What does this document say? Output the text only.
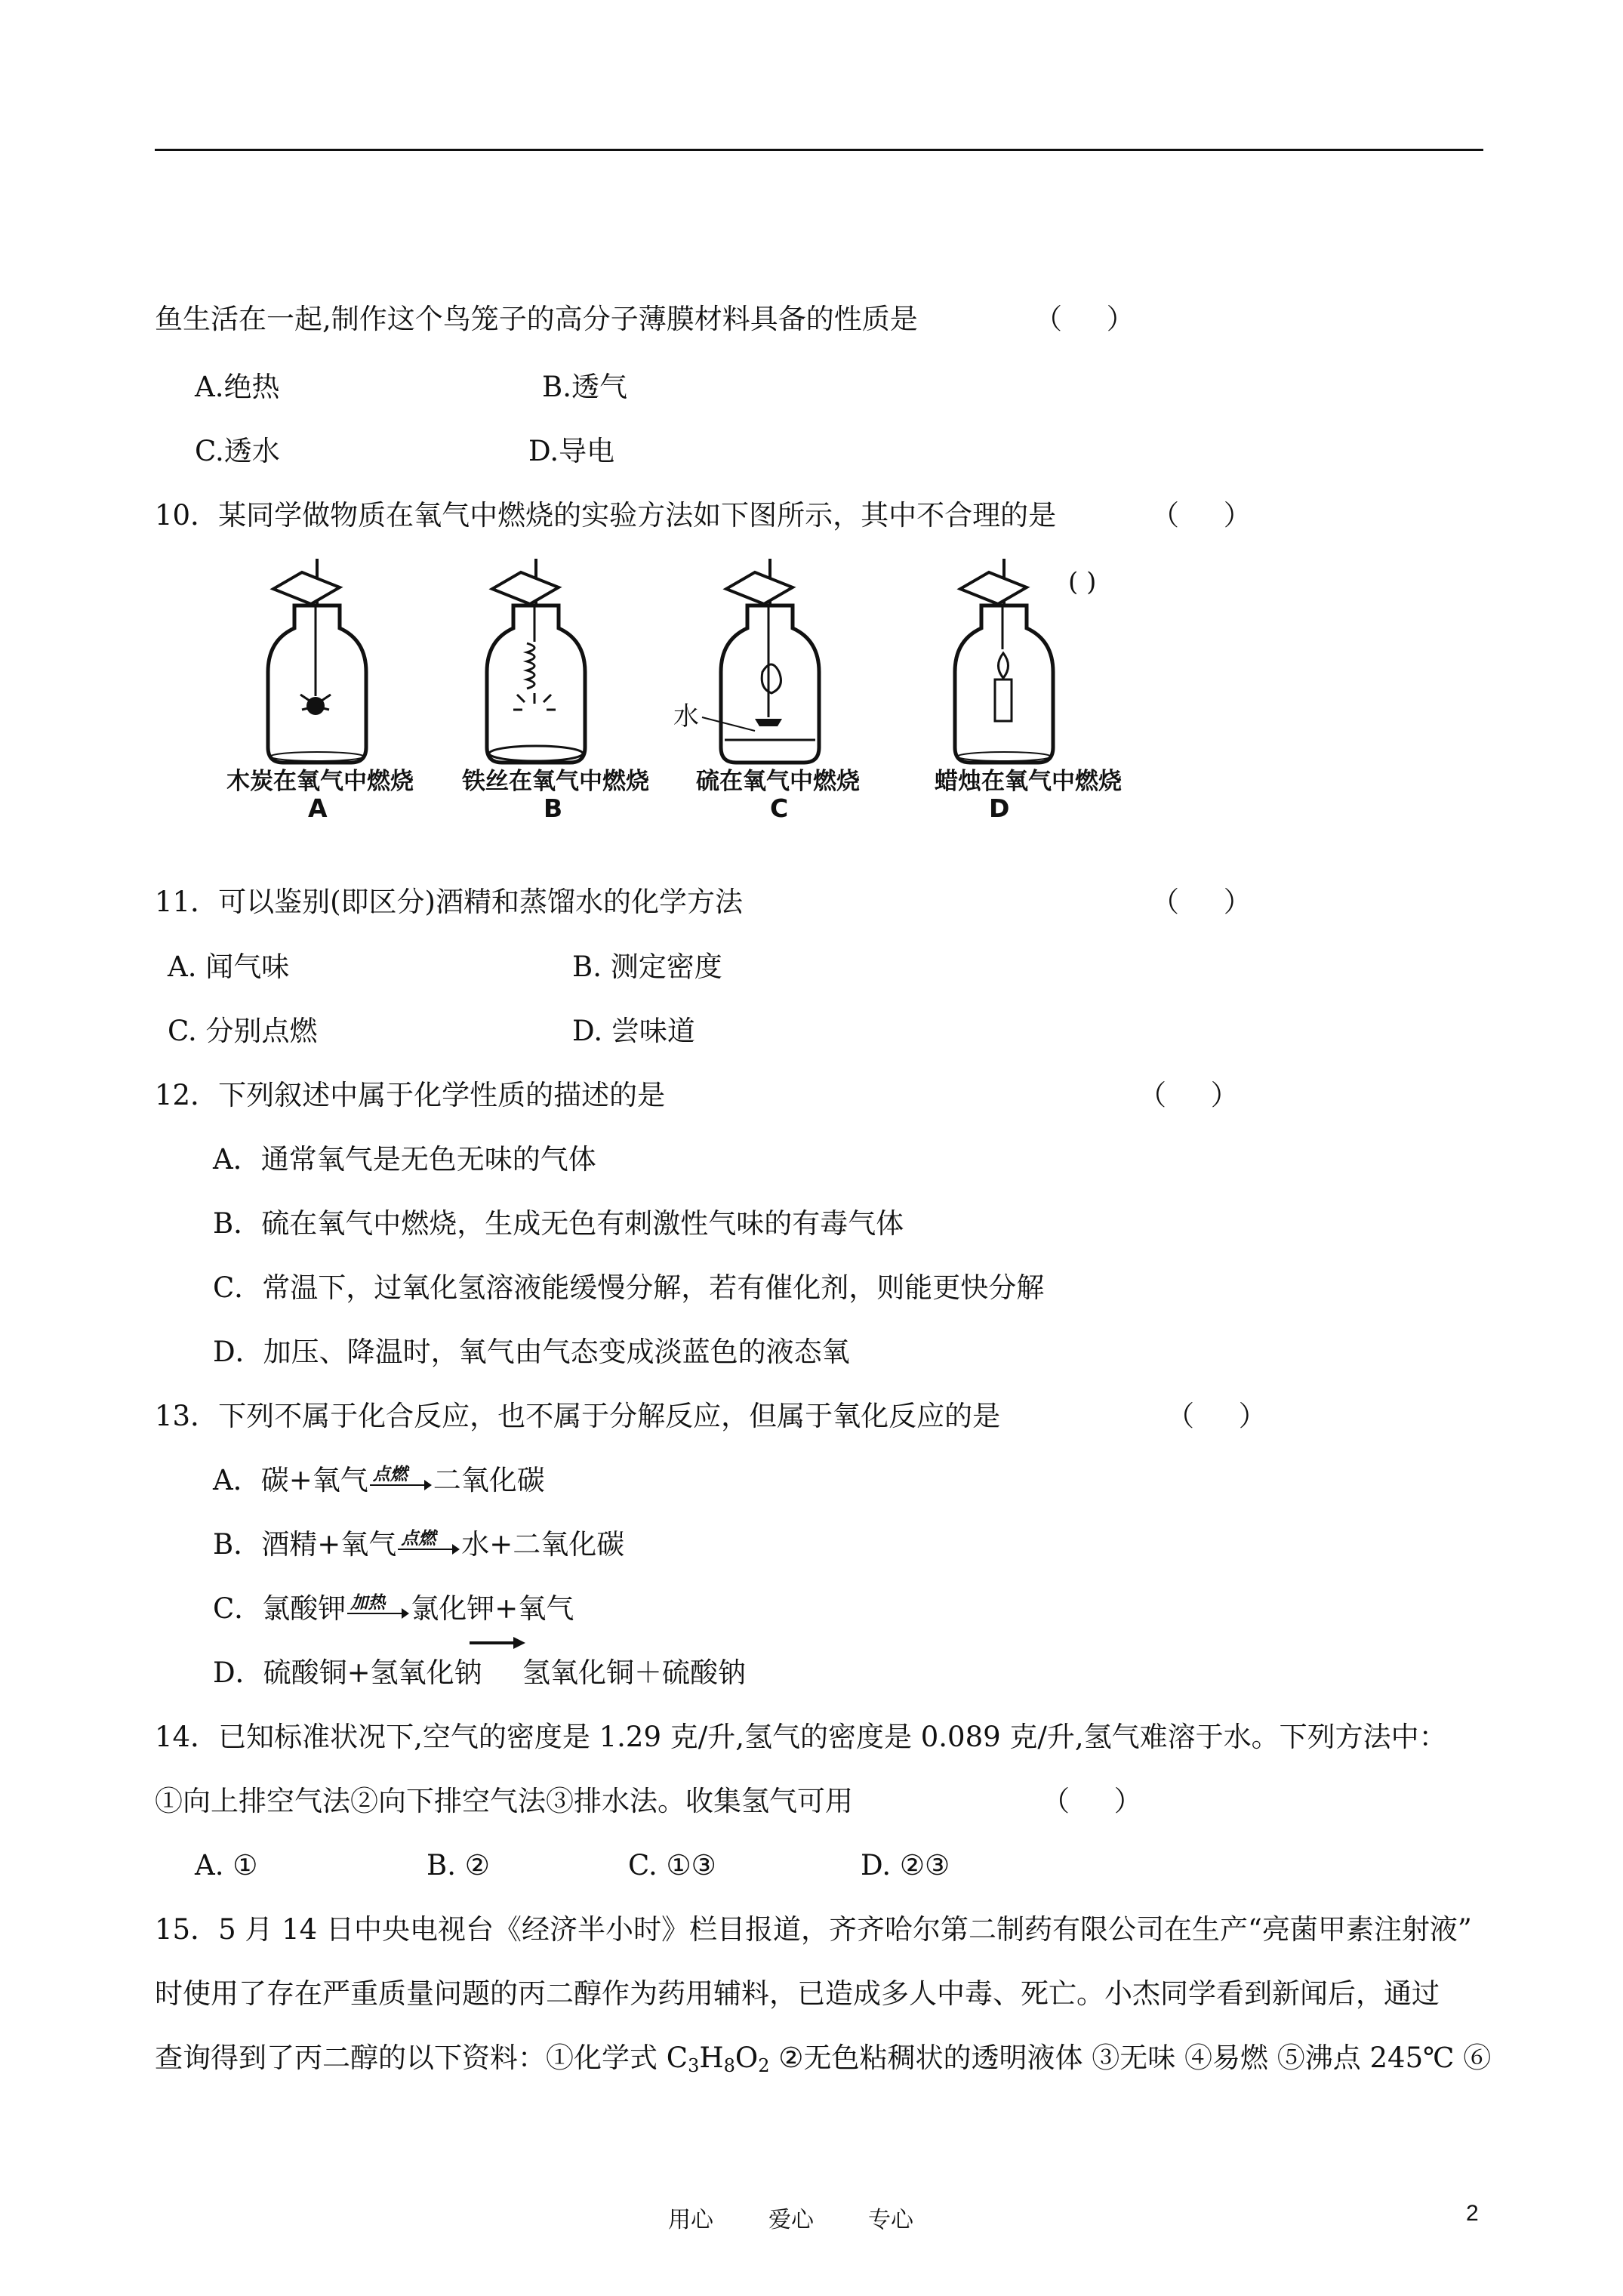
鱼生活在一起,制作这个鸟笼子的高分子薄膜材料具备的性质是	（     ）
A.绝热	B.透气
C.透水	D.导电
10．某同学做物质在氧气中燃烧的实验方法如下图所示，其中不合理的是	（     ）
水
( )
木炭在氧气中燃烧 铁丝在氧气中燃烧 硫在氧气中燃烧	蜡烛在氧气中燃烧
A	B	C	D
11．可以鉴别(即区分)酒精和蒸馏水的化学方法	（     ）
A. 闻气味	B. 测定密度
C. 分别点燃	D. 尝味道
12．下列叙述中属于化学性质的描述的是	（     ）
A．通常氧气是无色无味的气体
B．硫在氧气中燃烧，生成无色有刺激性气味的有毒气体
C．常温下，过氧化氢溶液能缓慢分解，若有催化剂，则能更快分解
D．加压、降温时，氧气由气态变成淡蓝色的液态氧
13．下列不属于化合反应，也不属于分解反应，但属于氧化反应的是	（     ）
A．碳+氧气 点燃 二氧化碳
B．酒精+氧气 点燃 水+二氧化碳
C．氯酸钾 加热 氯化钾+氧气
D．硫酸铜+氢氧化钠 氢氧化铜＋硫酸钠
14．已知标准状况下,空气的密度是 1.29 克/升,氢气的密度是 0.089 克/升,氢气难溶于水。下列方法中：
①向上排空气法②向下排空气法③排水法。收集氢气可用	（     ）
A. ①	B. ②	C. ①③	D. ②③
15．5 月 14 日中央电视台《经济半小时》栏目报道，齐齐哈尔第二制药有限公司在生产“亮菌甲素注射液”
时使用了存在严重质量问题的丙二醇作为药用辅料，已造成多人中毒、死亡。小杰同学看到新闻后，通过
查询得到了丙二醇的以下资料：①化学式 $C_3H_8O_2$ ②无色粘稠状的透明液体 ③无味 ④易燃 ⑤沸点 245℃ ⑥
用心 爱心 专心	2
